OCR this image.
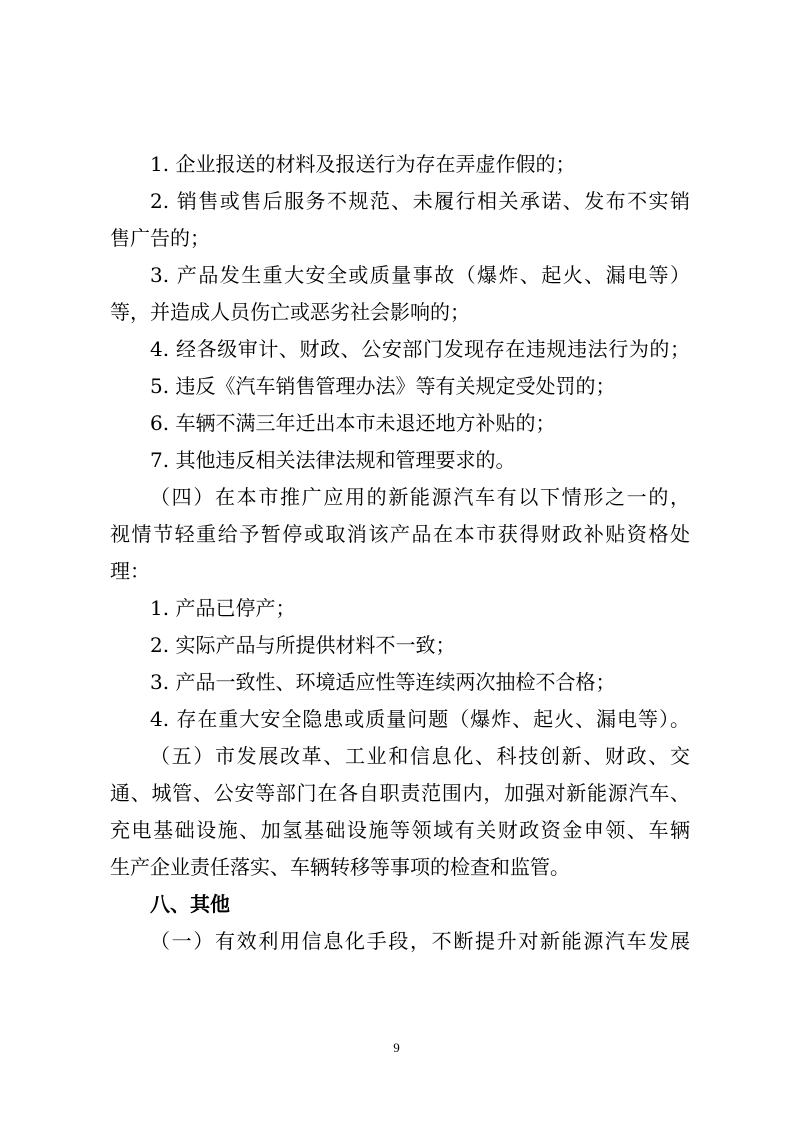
1. 企业报送的材料及报送行为存在弄虚作假的；
2. 销售或售后服务不规范、未履行相关承诺、发布不实销
售广告的；
3. 产品发生重大安全或质量事故（爆炸、起火、漏电等）
等，并造成人员伤亡或恶劣社会影响的；
4. 经各级审计、财政、公安部门发现存在违规违法行为的；
5. 违反《汽车销售管理办法》等有关规定受处罚的；
6. 车辆不满三年迁出本市未退还地方补贴的；
7. 其他违反相关法律法规和管理要求的。
（四）在本市推广应用的新能源汽车有以下情形之一的，
视情节轻重给予暂停或取消该产品在本市获得财政补贴资格处
理：
1. 产品已停产；
2. 实际产品与所提供材料不一致；
3. 产品一致性、环境适应性等连续两次抽检不合格；
4. 存在重大安全隐患或质量问题（爆炸、起火、漏电等）。
（五）市发展改革、工业和信息化、科技创新、财政、交
通、城管、公安等部门在各自职责范围内，加强对新能源汽车、
充电基础设施、加氢基础设施等领域有关财政资金申领、车辆
生产企业责任落实、车辆转移等事项的检查和监管。
八、其他
（一）有效利用信息化手段，不断提升对新能源汽车发展
9
